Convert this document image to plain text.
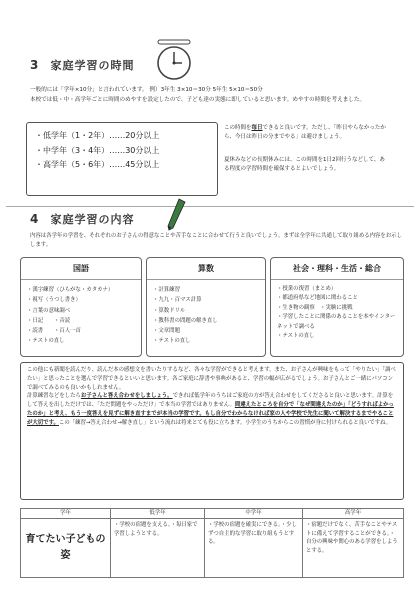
3 家庭学習の時間
一般的には「学年×10分」と言われています。 例）3年生 3×10＝30分 5年生 5×10＝50分
本校では低・中・高学年ごとに時間のめやすを設定したので、子ども達の実態に即していると思います。めやすの時間を考えました。
・低学年（1・2年）……20分以上
・中学年（3・4年）……30分以上
・高学年（5・6年）……45分以上
この時間を毎日できると良いです。ただし、「昨日やらなかったから、今日は昨日の分までやる」は避けましょう。
夏休みなどの長期休みには、この時間を1日2回行うなどして、ある程度の学習時間を確保するとよいでしょう。
4 家庭学習の内容
内容は各学年の学習を、それぞれのお子さんの得意なことや苦手なことに合わせて行うと良いでしょう。まずは全学年に共通して取り組める内容をお示しします。
国語
・漢字練習（ひらがな・カタカナ）
・視写（うつし書き）
・言葉の意味調べ
・日記　　・音読
・読書　　・百人一首
・テストの直し
算数
・計算練習
・九九・百マス計算
・算数ドリル
・教科書の問題の解き直し
・文章問題
・テストの直し
社会・理科・生活・総合
・授業の復習（まとめ）
・都道府県など地図に関わること
・生き物の観察　・実験に挑戦
・学習したことに関係のあることを本やインターネットで調べる
・テストの直し
この他にも新聞を読んだり、読んだ本の感想文を書いたりするなど、各々な学習ができると考えます。また、お子さんが興味をもって「やりたい」「調べたい」と思ったことを選んで学習できるといいと思います。各ご家庭に辞書や事典があると、学習の幅が広がるでしょう。お子さんとご一緒にパソコンで調べてみるのも良いかもしれません。
計算練習などをしたらお子さんと答え合わせをしましょう。できれば低学年のうちはご家庭の方が答え合わせをしてくださると良いと思います。計算をして答えを出しただけでは、「ただ問題をやっただけ」で本当の学習ではありません。間違えたところを自分で「なぜ間違えたのか」「どうすればよかったのか」と考え、もう一度答えを見ずに解き直すまでが本当の学習です。もし自分でわからなければ家の人や学校で先生に聞いて解決するまでやることが大切です。この「練習→答え合わせ→解き直し」という流れは将来とても役に立ちます。小学生のうちからこの習慣が身に付けられると良いですね。
学年	低学年	中学年	高学年
育てたい子どもの姿	・学校の宿題を支える。・毎日家で学習しようとする。	・学校の宿題を確実にできる。・少しずつ自主的な学習に取り組もうとする。	・宿題だけでなく、苦手なことやテストに備えて学習することができる。・自分の興味や関心のある学習をしようとする。
